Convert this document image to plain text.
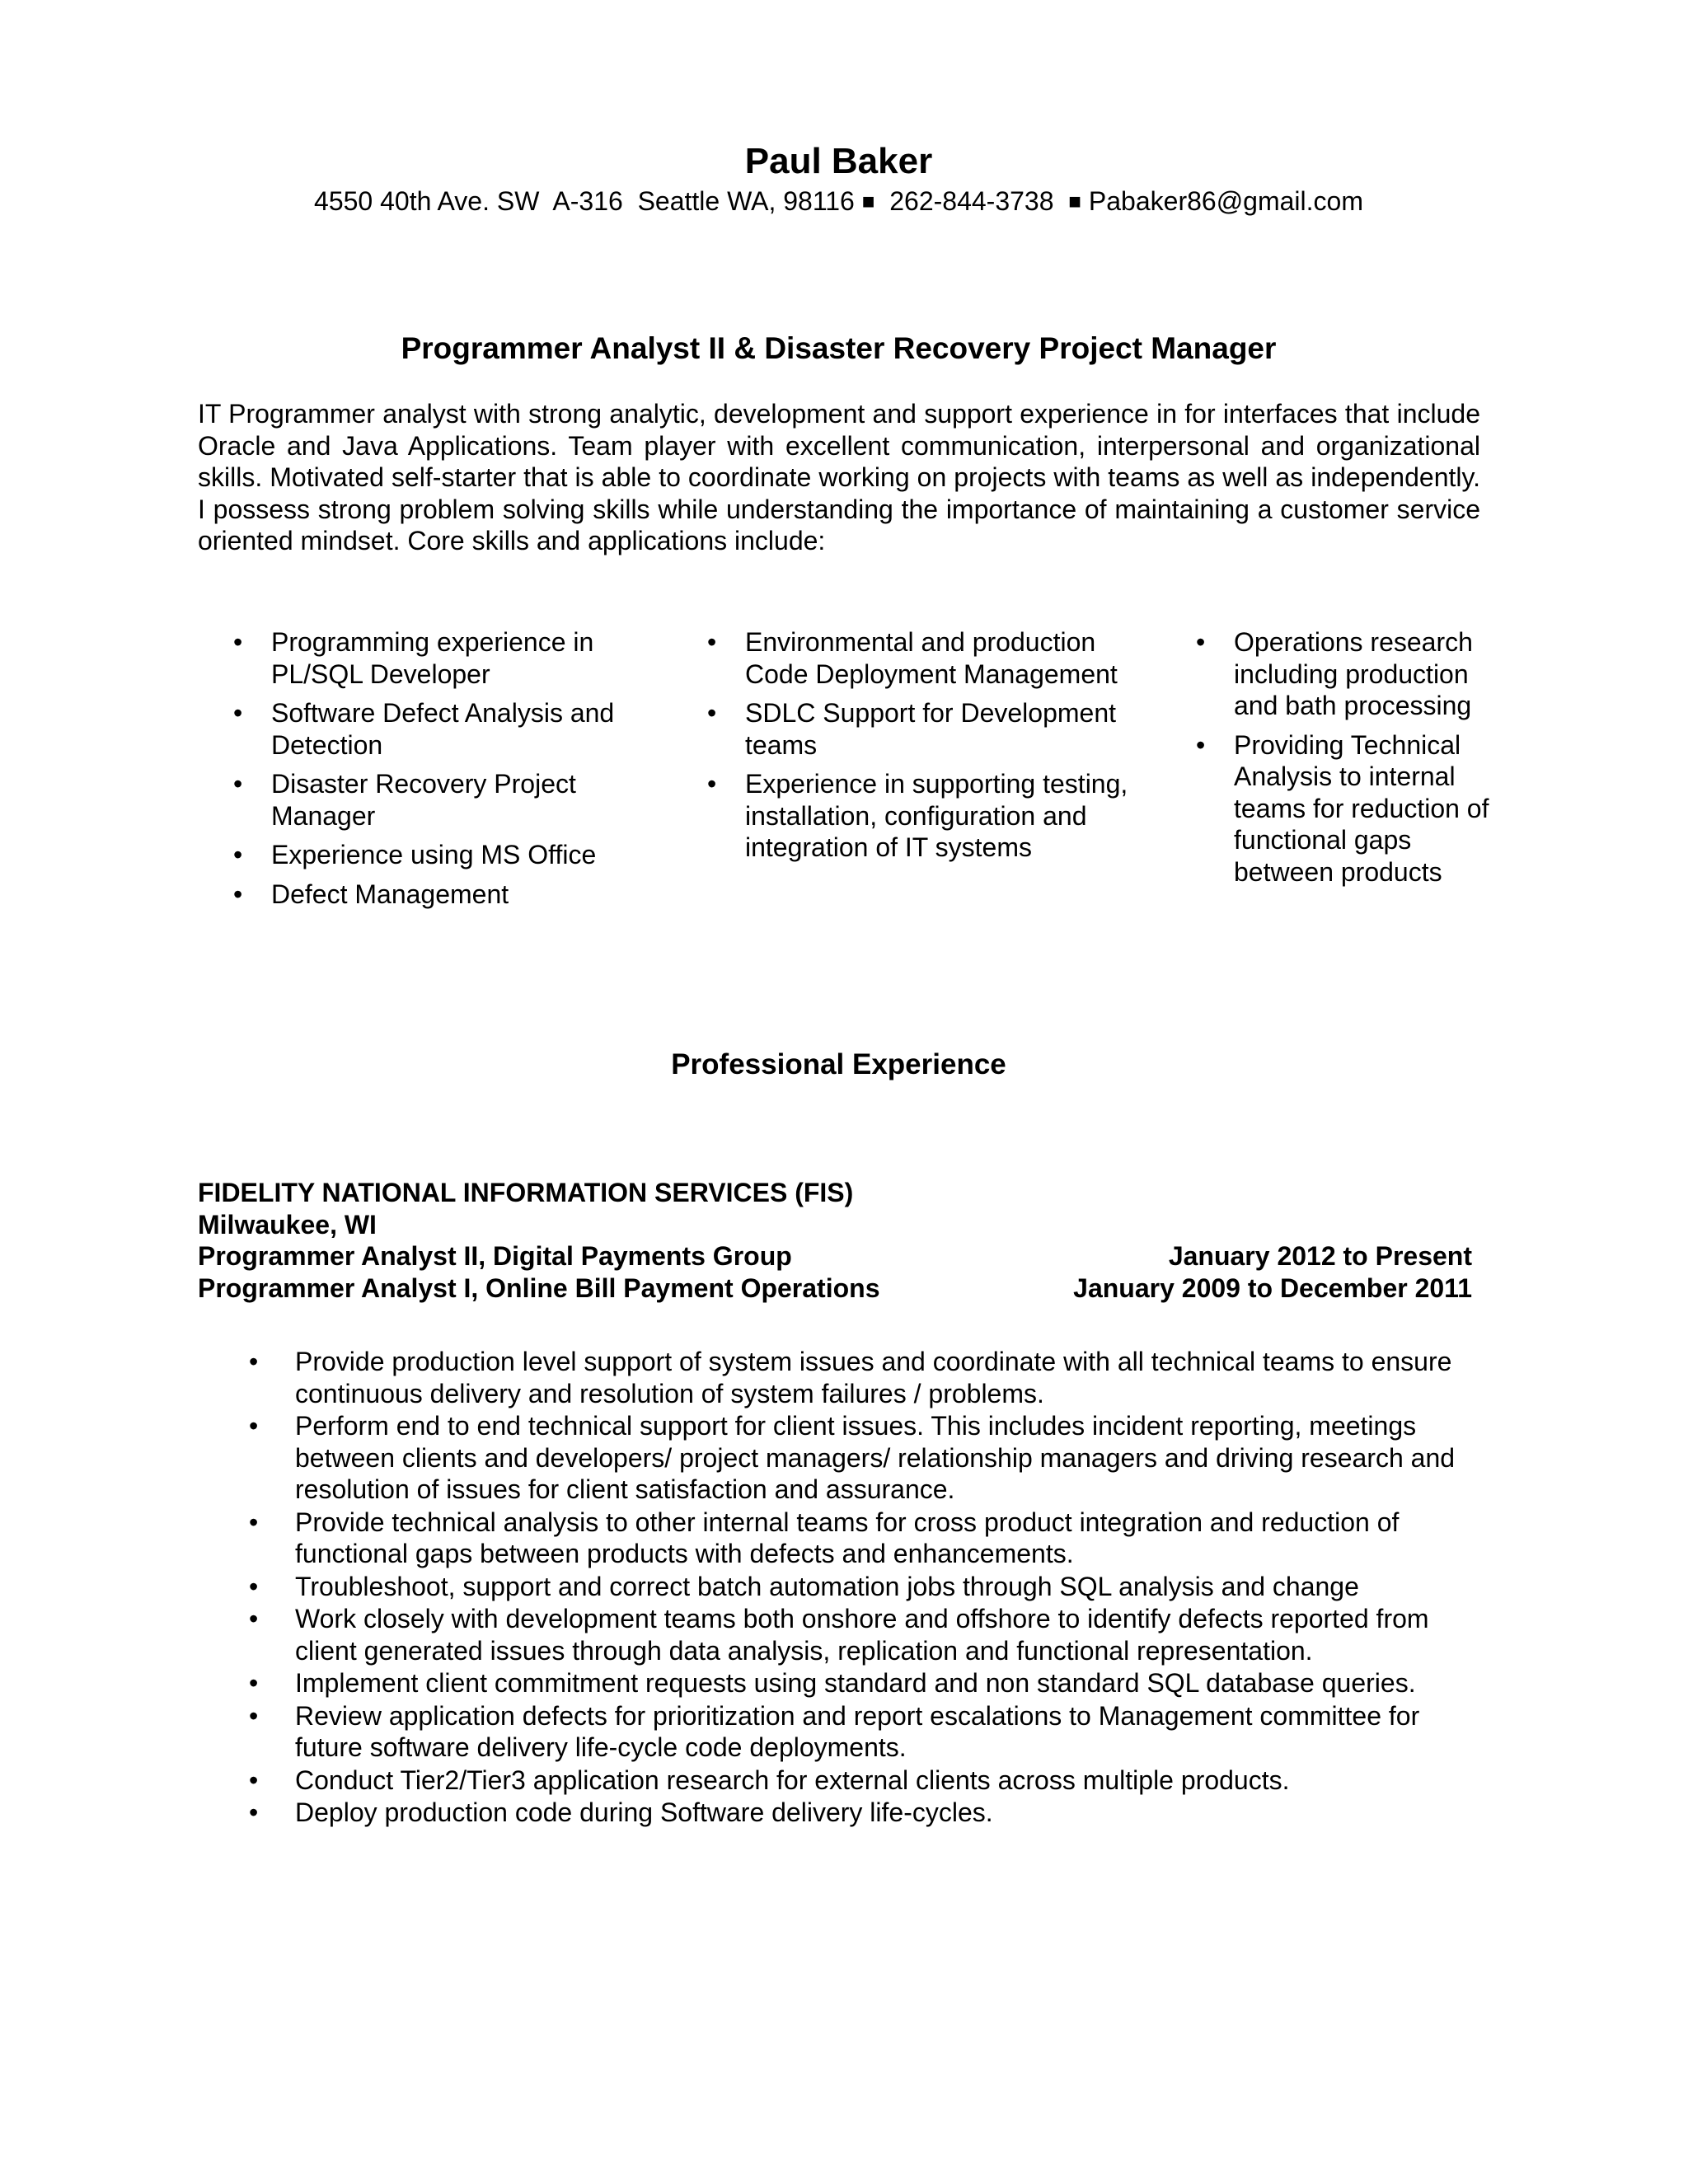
Paul Baker
4550 40th Ave. SW  A-316  Seattle WA, 98116 ■ 262-844-3738 ■ Pabaker86@gmail.com
Programmer Analyst II & Disaster Recovery Project Manager

IT Programmer analyst with strong analytic, development and support experience in for interfaces that include Oracle and Java Applications. Team player with excellent communication, interpersonal and organizational skills. Motivated self-starter that is able to coordinate working on projects with teams as well as independently. I possess strong problem solving skills while understanding the importance of maintaining a customer service oriented mindset. Core skills and applications include:

• Programming experience in PL/SQL Developer
• Software Defect Analysis and Detection
• Disaster Recovery Project Manager
• Experience using MS Office
• Defect Management
• Environmental and production Code Deployment Management
• SDLC Support for Development teams
• Experience in supporting testing, installation, configuration and integration of IT systems
• Operations research including production and bath processing
• Providing Technical Analysis to internal teams for reduction of functional gaps between products
Professional Experience
FIDELITY NATIONAL INFORMATION SERVICES (FIS)
Milwaukee, WI
Programmer Analyst II, Digital Payments Group	January 2012 to Present
Programmer Analyst I, Online Bill Payment Operations	January 2009 to December 2011
• Provide production level support of system issues and coordinate with all technical teams to ensure continuous delivery and resolution of system failures / problems.
• Perform end to end technical support for client issues. This includes incident reporting, meetings between clients and developers/ project managers/ relationship managers and driving research and resolution of issues for client satisfaction and assurance.
• Provide technical analysis to other internal teams for cross product integration and reduction of functional gaps between products with defects and enhancements.
• Troubleshoot, support and correct batch automation jobs through SQL analysis and change
• Work closely with development teams both onshore and offshore to identify defects reported from client generated issues through data analysis, replication and functional representation.
• Implement client commitment requests using standard and non standard SQL database queries.
• Review application defects for prioritization and report escalations to Management committee for future software delivery life-cycle code deployments.
• Conduct Tier2/Tier3 application research for external clients across multiple products.
• Deploy production code during Software delivery life-cycles.
